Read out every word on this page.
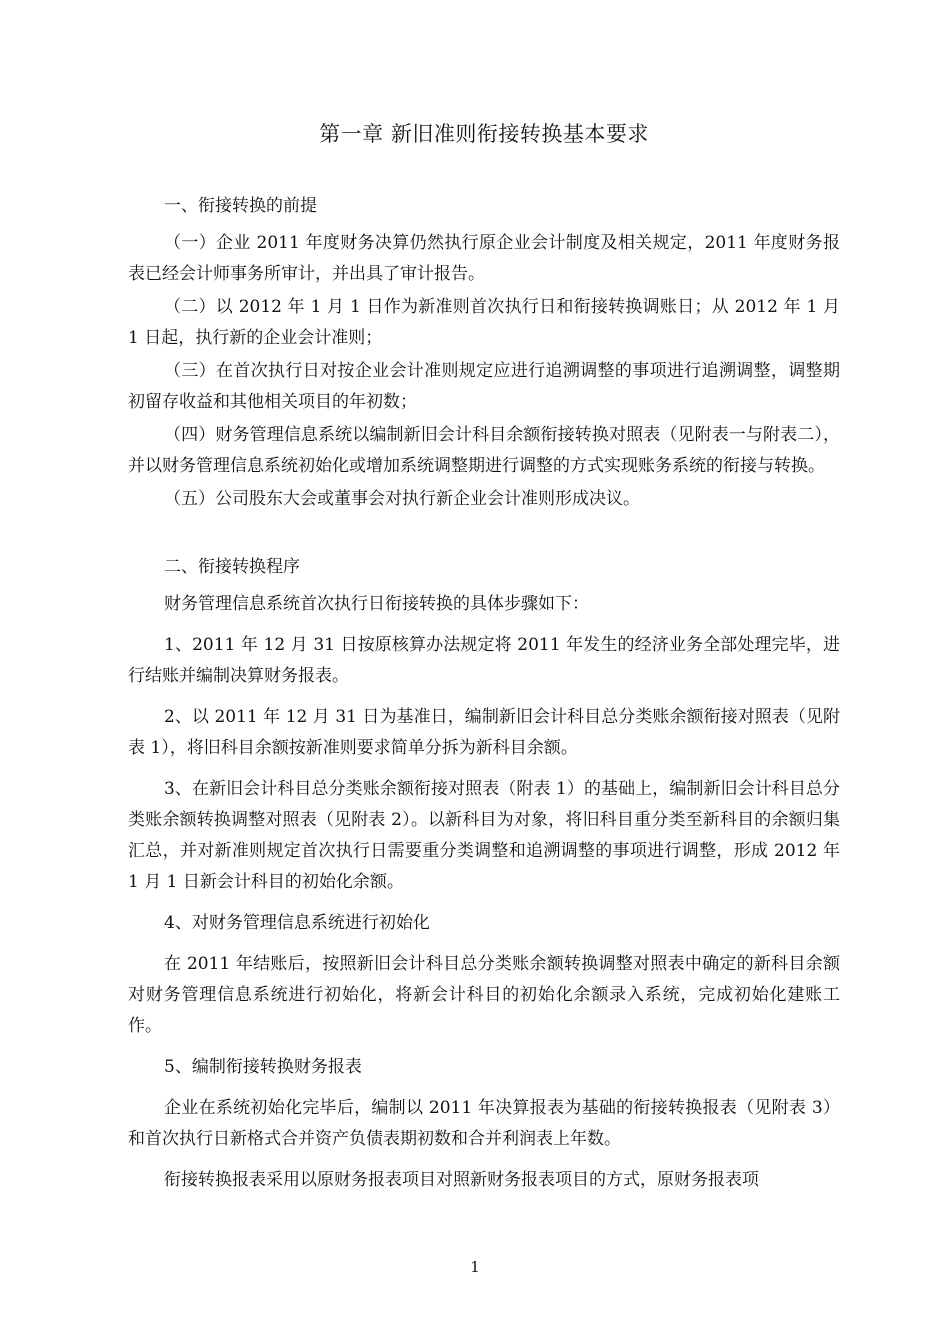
第一章 新旧准则衔接转换基本要求
一、衔接转换的前提

（一）企业 2011 年度财务决算仍然执行原企业会计制度及相关规定，2011 年度财务报表已经会计师事务所审计，并出具了审计报告。

（二）以 2012 年 1 月 1 日作为新准则首次执行日和衔接转换调账日；从 2012 年 1 月 1 日起，执行新的企业会计准则；

（三）在首次执行日对按企业会计准则规定应进行追溯调整的事项进行追溯调整，调整期初留存收益和其他相关项目的年初数；

（四）财务管理信息系统以编制新旧会计科目余额衔接转换对照表（见附表一与附表二），并以财务管理信息系统初始化或增加系统调整期进行调整的方式实现账务系统的衔接与转换。

（五）公司股东大会或董事会对执行新企业会计准则形成决议。

二、衔接转换程序

财务管理信息系统首次执行日衔接转换的具体步骤如下：

1、2011 年 12 月 31 日按原核算办法规定将 2011 年发生的经济业务全部处理完毕，进行结账并编制决算财务报表。

2、以 2011 年 12 月 31 日为基准日，编制新旧会计科目总分类账余额衔接对照表（见附表 1），将旧科目余额按新准则要求简单分拆为新科目余额。

3、在新旧会计科目总分类账余额衔接对照表（附表 1）的基础上，编制新旧会计科目总分类账余额转换调整对照表（见附表 2）。以新科目为对象，将旧科目重分类至新科目的余额归集汇总，并对新准则规定首次执行日需要重分类调整和追溯调整的事项进行调整，形成 2012 年 1 月 1 日新会计科目的初始化余额。

4、对财务管理信息系统进行初始化

在 2011 年结账后，按照新旧会计科目总分类账余额转换调整对照表中确定的新科目余额对财务管理信息系统进行初始化，将新会计科目的初始化余额录入系统，完成初始化建账工作。

5、编制衔接转换财务报表

企业在系统初始化完毕后，编制以 2011 年决算报表为基础的衔接转换报表（见附表 3）和首次执行日新格式合并资产负债表期初数和合并利润表上年数。

衔接转换报表采用以原财务报表项目对照新财务报表项目的方式，原财务报表项

1
